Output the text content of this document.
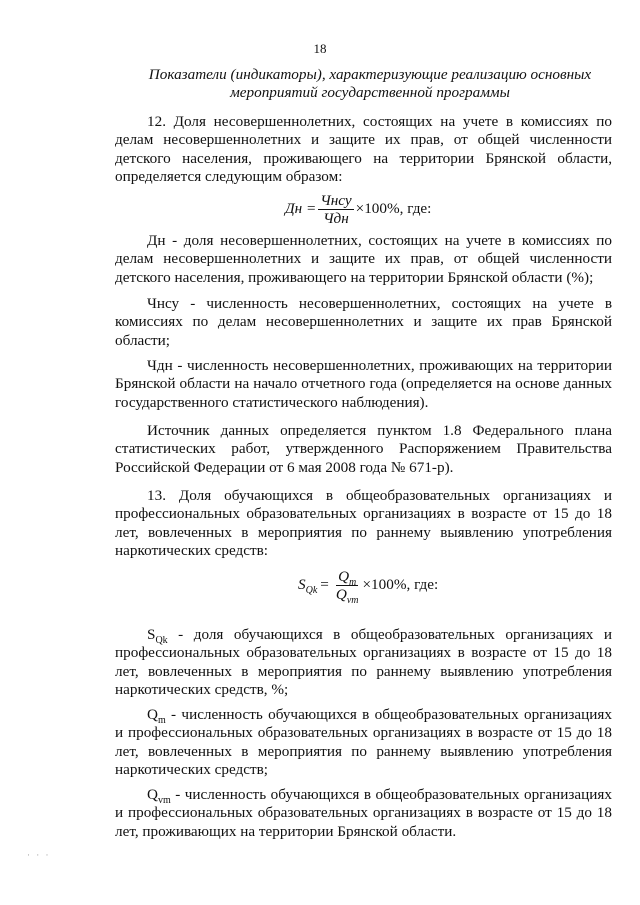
18
Показатели (индикаторы), характеризующие реализацию основных мероприятий государственной программы

12. Доля несовершеннолетних, состоящих на учете в комиссиях по делам несовершеннолетних и защите их прав, от общей численности детского населения, проживающего на территории Брянской области, определяется следующим образом:

Дн = $\frac{\text{Чнсу}}{\text{Чдн}} \times 100\%$, где:

Дн - доля несовершеннолетних, состоящих на учете в комиссиях по делам несовершеннолетних и защите их прав, от общей численности детского населения, проживающего на территории Брянской области (%);

Чнсу - численность несовершеннолетних, состоящих на учете в комиссиях по делам несовершеннолетних и защите их прав Брянской области;

Чдн - численность несовершеннолетних, проживающих на территории Брянской области на начало отчетного года (определяется на основе данных государственного статистического наблюдения).

Источник данных определяется пунктом 1.8 Федерального плана статистических работ, утвержденного Распоряжением Правительства Российской Федерации от 6 мая 2008 года № 671-р).

13. Доля обучающихся в общеобразовательных организациях и профессиональных образовательных организациях в возрасте от 15 до 18 лет, вовлеченных в мероприятия по раннему выявлению употребления наркотических средств:

$S_{Qk} = \frac{Q_m}{Q_{vm}} \times 100\%$, где:

$S_{Qk}$ - доля обучающихся в общеобразовательных организациях и профессиональных образовательных организациях в возрасте от 15 до 18 лет, вовлеченных в мероприятия по раннему выявлению употребления наркотических средств, %;

$Q_m$ - численность обучающихся в общеобразовательных организациях и профессиональных образовательных организациях в возрасте от 15 до 18 лет, вовлеченных в мероприятия по раннему выявлению употребления наркотических средств;

$Q_{vm}$ - численность обучающихся в общеобразовательных организациях и профессиональных образовательных организациях в возрасте от 15 до 18 лет, проживающих на территории Брянской области.

· · ·
